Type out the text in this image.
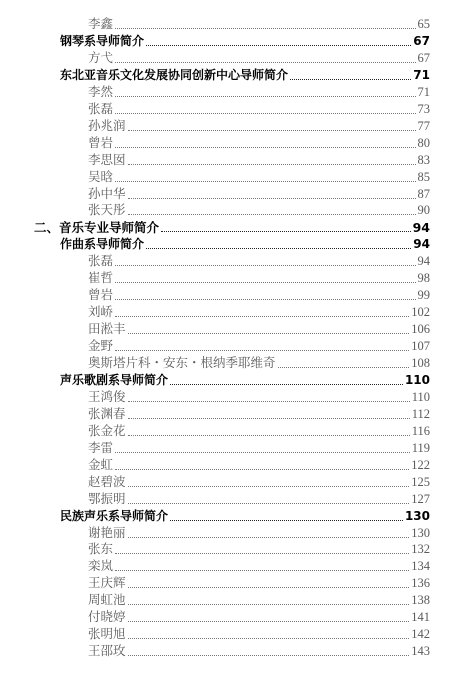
李鑫	65
钢琴系导师简介	67
方弋	67
东北亚音乐文化发展协同创新中心导师简介	71
李然	71
张磊	73
孙兆润	77
曾岩	80
李思囡	83
吴晗	85
孙中华	87
张天彤	90
二、音乐专业导师简介	94
作曲系导师简介	94
张磊	94
崔哲	98
曾岩	99
刘峤	102
田淞丰	106
金野	107
奥斯塔片科・安东・根纳季耶维奇	108
声乐歌剧系导师简介	110
王鸿俊	110
张渊春	112
张金花	116
李雷	119
金虹	122
赵碧波	125
鄂振明	127
民族声乐系导师简介	130
谢艳丽	130
张东	132
栾岚	134
王庆辉	136
周虹池	138
付晓婷	141
张明旭	142
王邵玫	143
